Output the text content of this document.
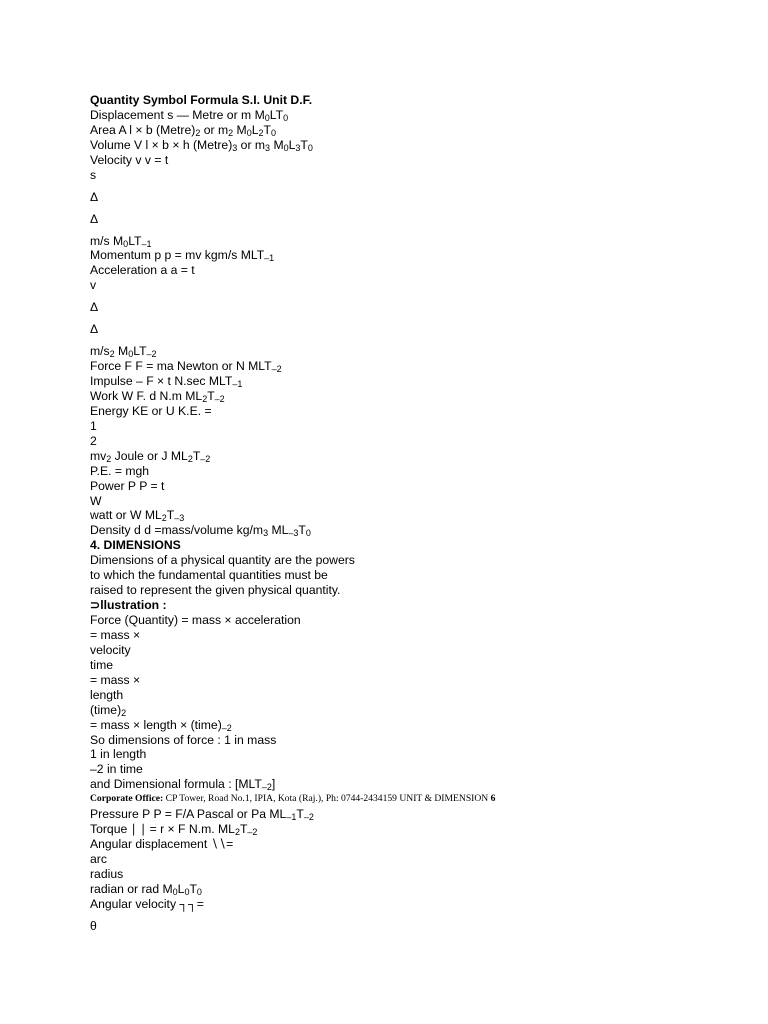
Quantity Symbol Formula S.I. Unit D.F.
Displacement s — Metre or m M0LT0
Area A l × b (Metre)2 or m2 M0L2T0
Volume V l × b × h (Metre)3 or m3 M0L3T0
Velocity v v = t
s
Δ
Δ
m/s M0LT–1
Momentum p p = mv kgm/s MLT–1
Acceleration a a = t
v
Δ
Δ
m/s2 M0LT–2
Force F F = ma Newton or N MLT–2
Impulse – F × t N.sec MLT–1
Work W F. d N.m ML2T–2
Energy KE or U K.E. =
1
2
mv2 Joule or J ML2T–2
P.E. = mgh
Power P P = t
W
watt or W ML2T–3
Density d d =mass/volume kg/m3 ML–3T0
4. DIMENSIONS
Dimensions of a physical quantity are the powers
to which the fundamental quantities must be
raised to represent the given physical quantity.
⊃llustration :
Force (Quantity) = mass × acceleration
= mass ×
velocity
time
= mass ×
length
(time)2
= mass × length × (time)–2
So dimensions of force : 1 in mass
1 in length
–2 in time
and Dimensional formula : [MLT–2]
Corporate Office: CP Tower, Road No.1, IPIA, Kota (Raj.), Ph: 0744-2434159 UNIT & DIMENSION 6
Pressure P P = F/A Pascal or Pa ML–1T–2
Torque ∣ ∣ = r × F N.m. ML2T–2
Angular displacement ∖∖=
arc
radius
radian or rad M0L0T0
Angular velocity ┐┐=
θ
